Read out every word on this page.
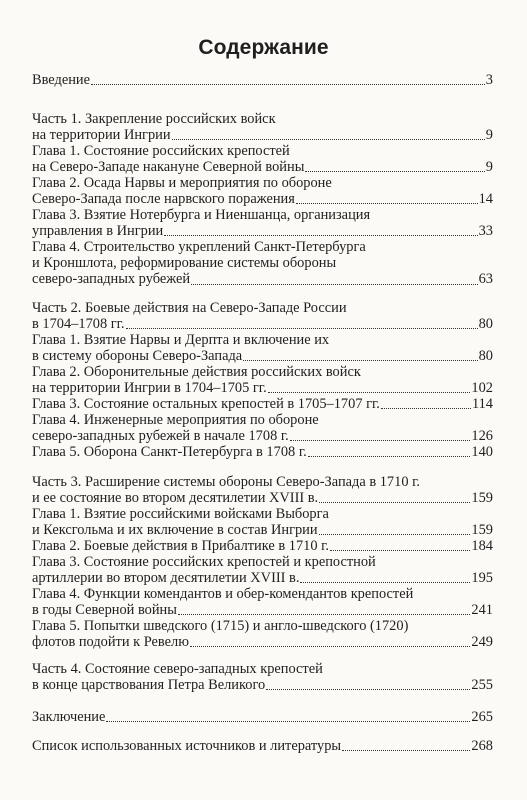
Содержание
Введение	3
Часть 1. Закрепление российских войск
на территории Ингрии	9
Глава 1. Состояние российских крепостей
на Северо-Западе накануне Северной войны	9
Глава 2. Осада Нарвы и мероприятия по обороне
Северо-Запада после нарвского поражения	14
Глава 3. Взятие Нотербурга и Ниеншанца, организация
управления в Ингрии	33
Глава 4. Строительство укреплений Санкт-Петербурга
и Кроншлота, реформирование системы обороны
северо-западных рубежей	63
Часть 2. Боевые действия на Северо-Западе России
в 1704–1708 гг.	80
Глава 1. Взятие Нарвы и Дерпта и включение их
в систему обороны Северо-Запада	80
Глава 2. Оборонительные действия российских войск
на территории Ингрии в 1704–1705 гг.	102
Глава 3. Состояние остальных крепостей в 1705–1707 гг.	114
Глава 4. Инженерные мероприятия по обороне
северо-западных рубежей в начале 1708 г.	126
Глава 5. Оборона Санкт-Петербурга в 1708 г.	140
Часть 3. Расширение системы обороны Северо-Запада в 1710 г.
и ее состояние во втором десятилетии XVIII в.	159
Глава 1. Взятие российскими войсками Выборга
и Кексгольма и их включение в состав Ингрии	159
Глава 2. Боевые действия в Прибалтике в 1710 г.	184
Глава 3. Состояние российских крепостей и крепостной
артиллерии во втором десятилетии XVIII в.	195
Глава 4. Функции комендантов и обер-комендантов крепостей
в годы Северной войны	241
Глава 5. Попытки шведского (1715) и англо-шведского (1720)
флотов подойти к Ревелю	249
Часть 4. Состояние северо-западных крепостей
в конце царствования Петра Великого	255
Заключение	265
Список использованных источников и литературы	268
